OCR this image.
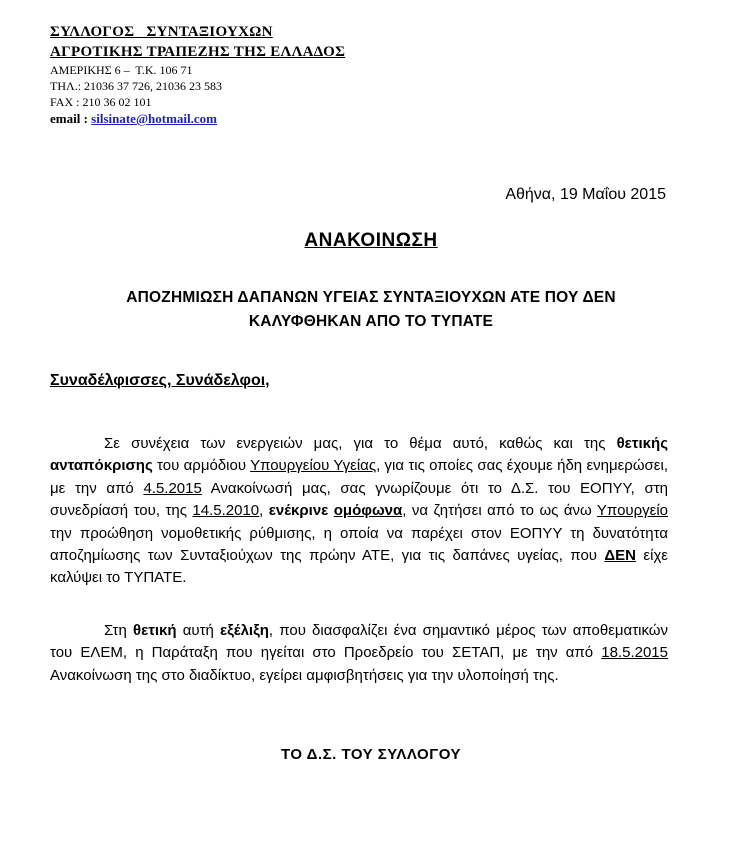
ΣΥΛΛΟΓΟΣ   ΣΥΝΤΑΞΙΟΥΧΩΝ
ΑΓΡΟΤΙΚΗΣ ΤΡΑΠΕΖΗΣ ΤΗΣ ΕΛΛΑΔΟΣ
ΑΜΕΡΙΚΗΣ 6 –  Τ.Κ. 106 71
ΤΗΛ.: 21036 37 726, 21036 23 583
FAX : 210 36 02 101
email : silsinate@hotmail.com
Αθήνα, 19 Μαΐου 2015
ΑΝΑΚΟΙΝΩΣΗ
ΑΠΟΖΗΜΙΩΣΗ ΔΑΠΑΝΩΝ ΥΓΕΙΑΣ ΣΥΝΤΑΞΙΟΥΧΩΝ ΑΤΕ ΠΟΥ ΔΕΝ
ΚΑΛΥΦΘΗΚΑΝ ΑΠΟ ΤΟ ΤΥΠΑΤΕ
Συναδέλφισσες, Συνάδελφοι,

Σε συνέχεια των ενεργειών μας, για το θέμα αυτό, καθώς και της θετικής ανταπόκρισης του αρμόδιου Υπουργείου Υγείας, για τις οποίες σας έχουμε ήδη ενημερώσει, με την από 4.5.2015 Ανακοίνωσή μας, σας γνωρίζουμε ότι το Δ.Σ. του ΕΟΠΥΥ, στη συνεδρίασή του, της 14.5.2010, ενέκρινε ομόφωνα, να ζητήσει από το ως άνω Υπουργείο την προώθηση νομοθετικής ρύθμισης, η οποία να παρέχει στον ΕΟΠΥΥ τη δυνατότητα αποζημίωσης των Συνταξιούχων της πρώην ΑΤΕ, για τις δαπάνες υγείας, που ΔΕΝ είχε καλύψει το ΤΥΠΑΤΕ.

Στη θετική αυτή εξέλιξη, που διασφαλίζει ένα σημαντικό μέρος των αποθεματικών του ΕΛΕΜ, η Παράταξη που ηγείται στο Προεδρείο του ΣΕΤΑΠ, με την από 18.5.2015 Ανακοίνωση της στο διαδίκτυο, εγείρει αμφισβητήσεις για την υλοποίησή της.

ΤΟ Δ.Σ. ΤΟΥ ΣΥΛΛΟΓΟΥ
